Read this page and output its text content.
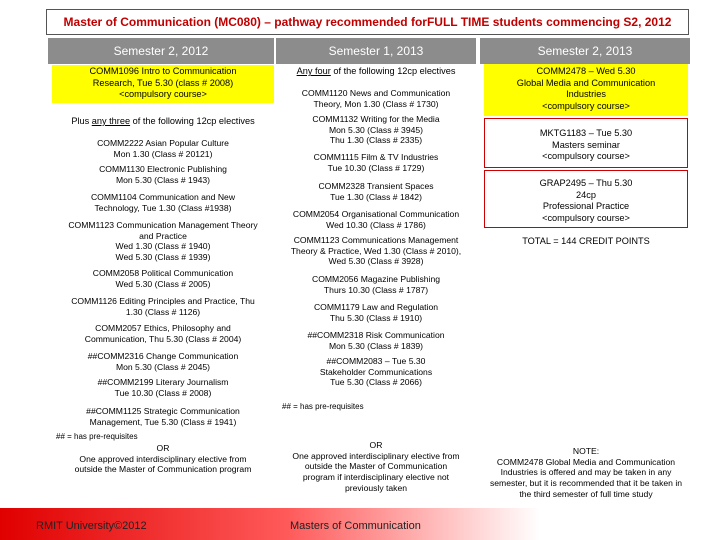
Master of Communication (MC080) – pathway recommended for FULL TIME students commencing S2, 2012
Semester 2, 2012	Semester 1, 2013	Semester 2, 2013
COMM1096 Intro to Communication
Research, Tue 5.30 (class # 2008)
<compulsory course>
Plus any three of the following 12cp electives
COMM2222 Asian Popular Culture
Mon 1.30 (Class # 20121)
COMM1130 Electronic Publishing
Mon 5.30 (Class # 1943)
COMM1104 Communication and New
Technology, Tue 1.30 (Class #1938)
COMM1123 Communication Management Theory
and Practice
Wed 1.30 (Class # 1940)
Wed 5.30 (Class # 1939)
COMM2058 Political Communication
Wed 5.30 (Class # 2005)
COMM1126 Editing Principles and Practice, Thu
1.30 (Class # 1126)
COMM2057 Ethics, Philosophy and
Communication, Thu 5.30 (Class # 2004)
##COMM2316 Change Communication
Mon 5.30 (Class # 2045)
##COMM2199 Literary Journalism
Tue 10.30 (Class # 2008)
##COMM1125 Strategic Communication
Management, Tue 5.30 (Class # 1941)
## = has pre-requisites
OR
One approved interdisciplinary elective from
outside the Master of Communication program
Any four of the following 12cp electives
COMM1120 News and Communication
Theory, Mon 1.30 (Class # 1730)
COMM1132 Writing for the Media
Mon 5.30 (Class # 3945)
Thu 1.30 (Class # 2335)
COMM1115 Film & TV Industries
Tue 10.30 (Class # 1729)
COMM2328 Transient Spaces
Tue 1.30 (Class # 1842)
COMM2054 Organisational Communication
Wed 10.30 (Class # 1786)
COMM1123 Communications Management
Theory & Practice, Wed 1.30 (Class # 2010),
Wed 5.30 (Class # 3928)
COMM2056 Magazine Publishing
Thurs 10.30 (Class # 1787)
COMM1179 Law and Regulation
Thu 5.30 (Class # 1910)
##COMM2318 Risk Communication
Mon 5.30 (Class # 1839)
##COMM2083 – Tue 5.30
Stakeholder Communications
Tue 5.30 (Class # 2066)
## = has pre-requisites
OR
One approved interdisciplinary elective from
outside the Master of Communication
program if interdisciplinary elective not
previously taken
COMM2478 – Wed 5.30
Global Media and Communication
Industries
<compulsory course>
MKTG1183 – Tue 5.30
Masters seminar
<compulsory course>
GRAP2495 – Thu 5.30
24cp
Professional Practice
<compulsory course>
TOTAL = 144 CREDIT POINTS
NOTE:
COMM2478 Global Media and Communication
Industries is offered and may be taken in any
semester, but it is recommended that it be taken in
the third semester of full time study
RMIT University©2012	Masters of Communication
